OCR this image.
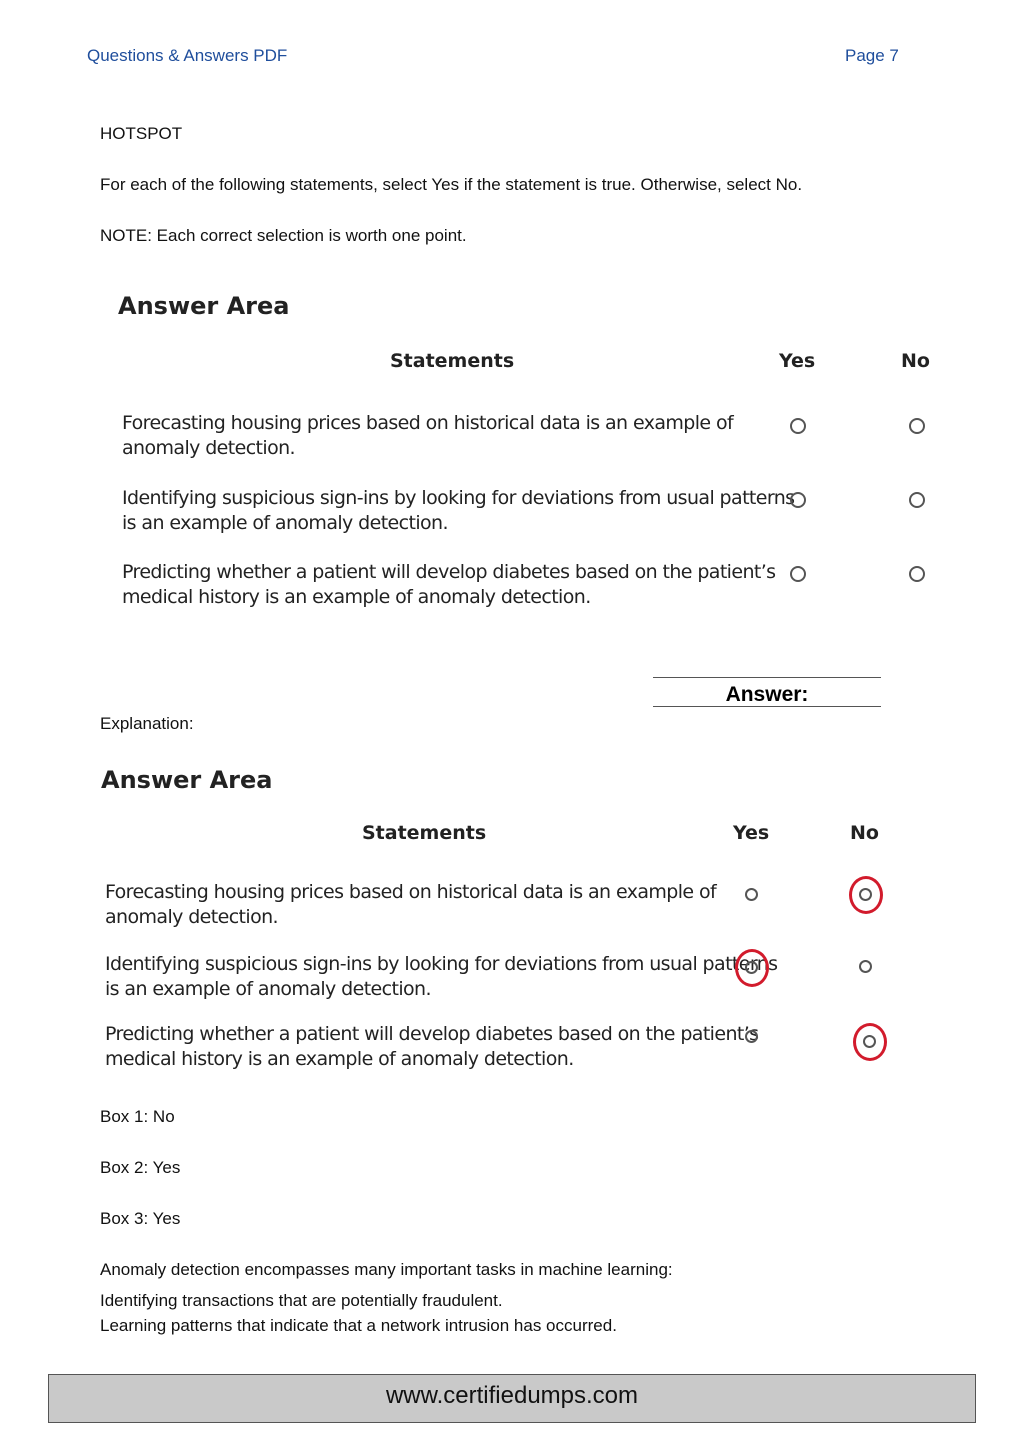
Questions & Answers PDF	Page 7
HOTSPOT
For each of the following statements, select Yes if the statement is true. Otherwise, select No.
NOTE: Each correct selection is worth one point.
Answer Area
Statements	Yes	No
Forecasting housing prices based on historical data is an example of
anomaly detection.
Identifying suspicious sign-ins by looking for deviations from usual patterns
is an example of anomaly detection.
Predicting whether a patient will develop diabetes based on the patient’s
medical history is an example of anomaly detection.
Answer:
Explanation:
Answer Area
Statements	Yes	No
Forecasting housing prices based on historical data is an example of
anomaly detection.
Identifying suspicious sign-ins by looking for deviations from usual patterns
is an example of anomaly detection.
Predicting whether a patient will develop diabetes based on the patient’s
medical history is an example of anomaly detection.
Box 1: No
Box 2: Yes
Box 3: Yes
Anomaly detection encompasses many important tasks in machine learning:
Identifying transactions that are potentially fraudulent.
Learning patterns that indicate that a network intrusion has occurred.
www.certifiedumps.com
